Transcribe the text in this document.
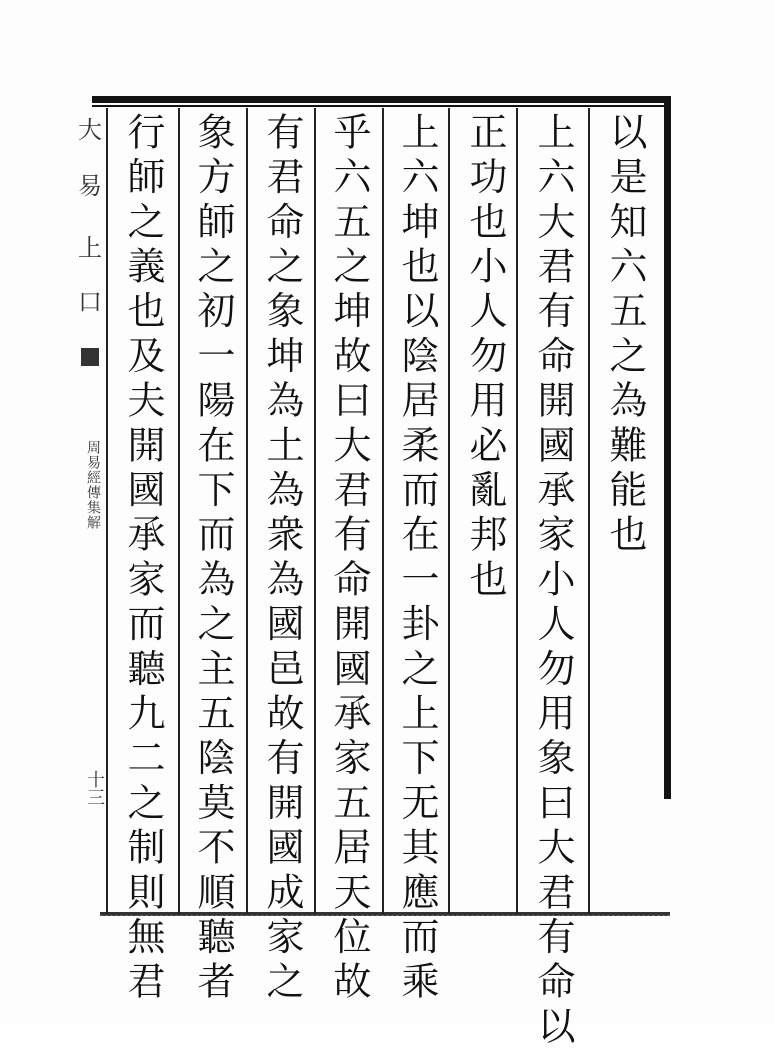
大
易
上
口
周易經傳集解
十三
以是知六五之為難能也
上六大君有命開國承家小人勿用象曰大君有命以
正功也小人勿用必亂邦也
上六坤也以陰居柔而在一卦之上下无其應而乘
乎六五之坤故曰大君有命開國承家五居天位故
有君命之象坤為土為衆為國邑故有開國成家之
象方師之初一陽在下而為之主五陰莫不順聽者
行師之義也及夫開國承家而聽九二之制則無君
